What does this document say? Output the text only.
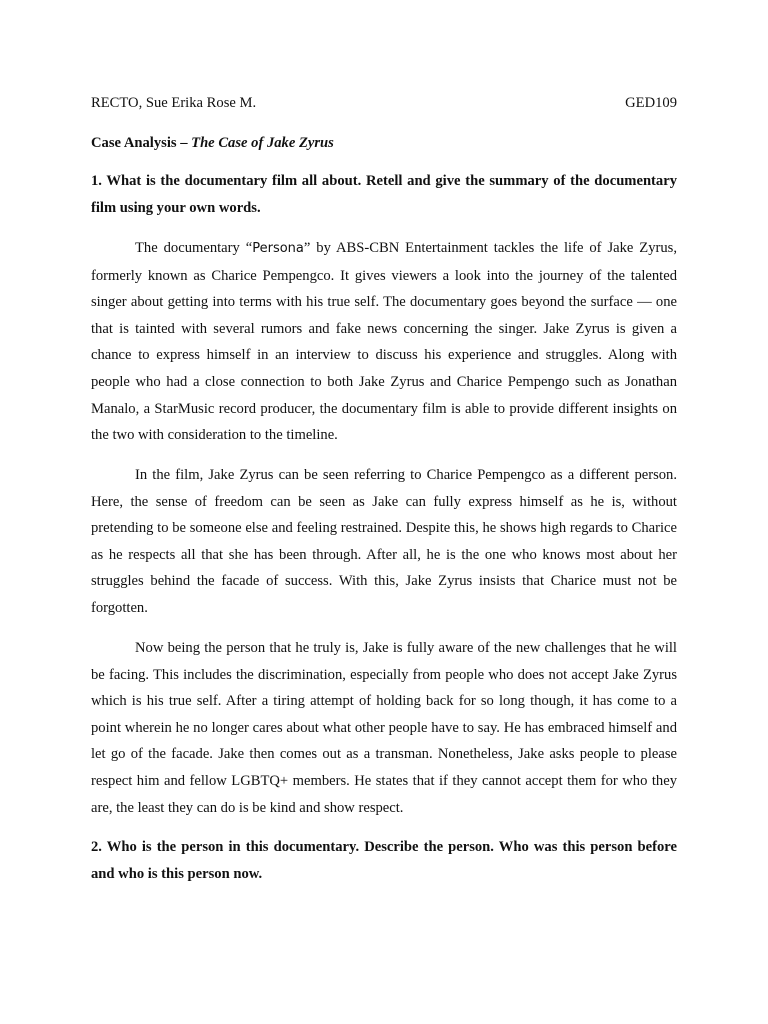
RECTO, Sue Erika Rose M.	GED109
Case Analysis – The Case of Jake Zyrus
1. What is the documentary film all about. Retell and give the summary of the documentary film using your own words.

The documentary “Persona” by ABS-CBN Entertainment tackles the life of Jake Zyrus, formerly known as Charice Pempengco. It gives viewers a look into the journey of the talented singer about getting into terms with his true self. The documentary goes beyond the surface — one that is tainted with several rumors and fake news concerning the singer. Jake Zyrus is given a chance to express himself in an interview to discuss his experience and struggles. Along with people who had a close connection to both Jake Zyrus and Charice Pempengo such as Jonathan Manalo, a StarMusic record producer, the documentary film is able to provide different insights on the two with consideration to the timeline.

In the film, Jake Zyrus can be seen referring to Charice Pempengco as a different person. Here, the sense of freedom can be seen as Jake can fully express himself as he is, without pretending to be someone else and feeling restrained. Despite this, he shows high regards to Charice as he respects all that she has been through. After all, he is the one who knows most about her struggles behind the facade of success. With this, Jake Zyrus insists that Charice must not be forgotten.

Now being the person that he truly is, Jake is fully aware of the new challenges that he will be facing. This includes the discrimination, especially from people who does not accept Jake Zyrus which is his true self. After a tiring attempt of holding back for so long though, it has come to a point wherein he no longer cares about what other people have to say. He has embraced himself and let go of the facade. Jake then comes out as a transman. Nonetheless, Jake asks people to please respect him and fellow LGBTQ+ members. He states that if they cannot accept them for who they are, the least they can do is be kind and show respect.

2. Who is the person in this documentary. Describe the person. Who was this person before and who is this person now.
